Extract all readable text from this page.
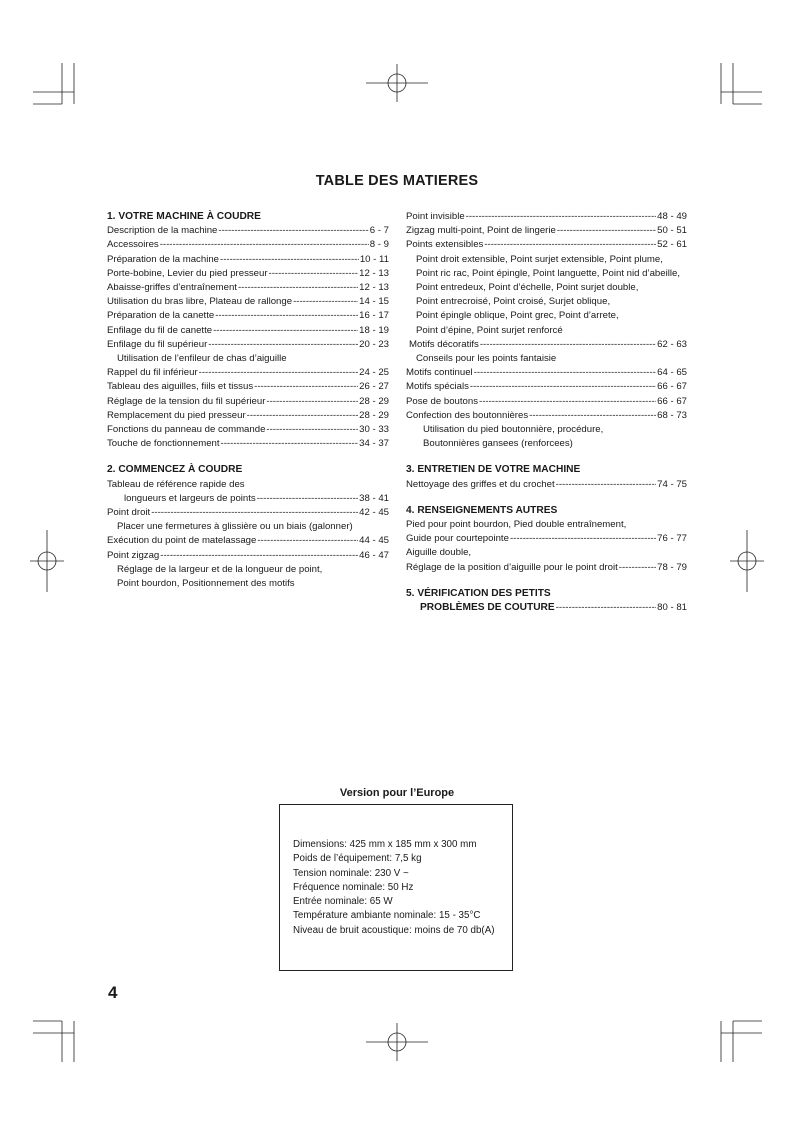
TABLE DES MATIERES
1. VOTRE MACHINE À COUDRE
Description de la machine -----	6 - 7
Accessoires -----	8 - 9
Préparation de la machine -----	10 - 11
Porte-bobine, Levier du pied presseur -----	12 - 13
Abaisse-griffes d’entraînement -----	12 - 13
Utilisation du bras libre, Plateau de rallonge -----	14 - 15
Préparation de la canette -----	16 - 17
Enfilage du fil de canette -----	18 - 19
Enfilage du fil supérieur -----	20 - 23
Utilisation de l’enfileur de chas d’aiguille
Rappel du fil inférieur -----	24 - 25
Tableau des aiguilles, fiils et tissus -----	26 - 27
Réglage de la tension du fil supérieur -----	28 - 29
Remplacement du pied presseur -----	28 - 29
Fonctions du panneau de commande -----	30 - 33
Touche de fonctionnement -----	34 - 37
2. COMMENCEZ À COUDRE
Tableau de référence rapide des
longueurs et largeurs de points -----	38 - 41
Point droit -----	42 - 45
Placer une fermetures à glissière ou un biais (galonner)
Exécution du point de matelassage -----	44 - 45
Point zigzag -----	46 - 47
Réglage de la largeur et de la longueur de point,
Point bourdon, Positionnement des motifs
Point invisible -----	48 - 49
Zigzag multi-point, Point de lingerie -----	50 - 51
Points extensibles -----	52 - 61
Point droit extensible, Point surjet extensible, Point plume,
Point ric rac, Point épingle, Point languette, Point nid d’abeille,
Point entredeux, Point d’échelle, Point surjet double,
Point entrecroisé, Point croisé, Surjet oblique,
Point épingle oblique, Point grec, Point d’arrete,
Point d’épine, Point surjet renforcé
Motifs décoratifs -----	62 - 63
Conseils pour les points fantaisie
Motifs continuel -----	64 - 65
Motifs spécials -----	66 - 67
Pose de boutons -----	66 - 67
Confection des boutonnières -----	68 - 73
Utilisation du pied boutonnière, procédure,
Boutonnières gansees (renforcees)
3. ENTRETIEN DE VOTRE MACHINE
Nettoyage des griffes et du crochet -----	74 - 75
4. RENSEIGNEMENTS AUTRES
Pied pour point bourdon, Pied double entraînement,
Guide pour courtepointe -----	76 - 77
Aiguille double,
Réglage de la position d’aiguille pour le point droit -----	78 - 79
5. VÉRIFICATION DES PETITS
PROBLÈMES DE COUTURE -----	80 - 81
Version pour l’Europe
Dimensions: 425 mm x 185 mm x 300 mm
Poids de l’équipement: 7,5 kg
Tension nominale: 230 V ~
Fréquence nominale: 50 Hz
Entrée nominale: 65 W
Température ambiante nominale: 15 - 35°C
Niveau de bruit acoustique: moins de 70 db(A)
4
